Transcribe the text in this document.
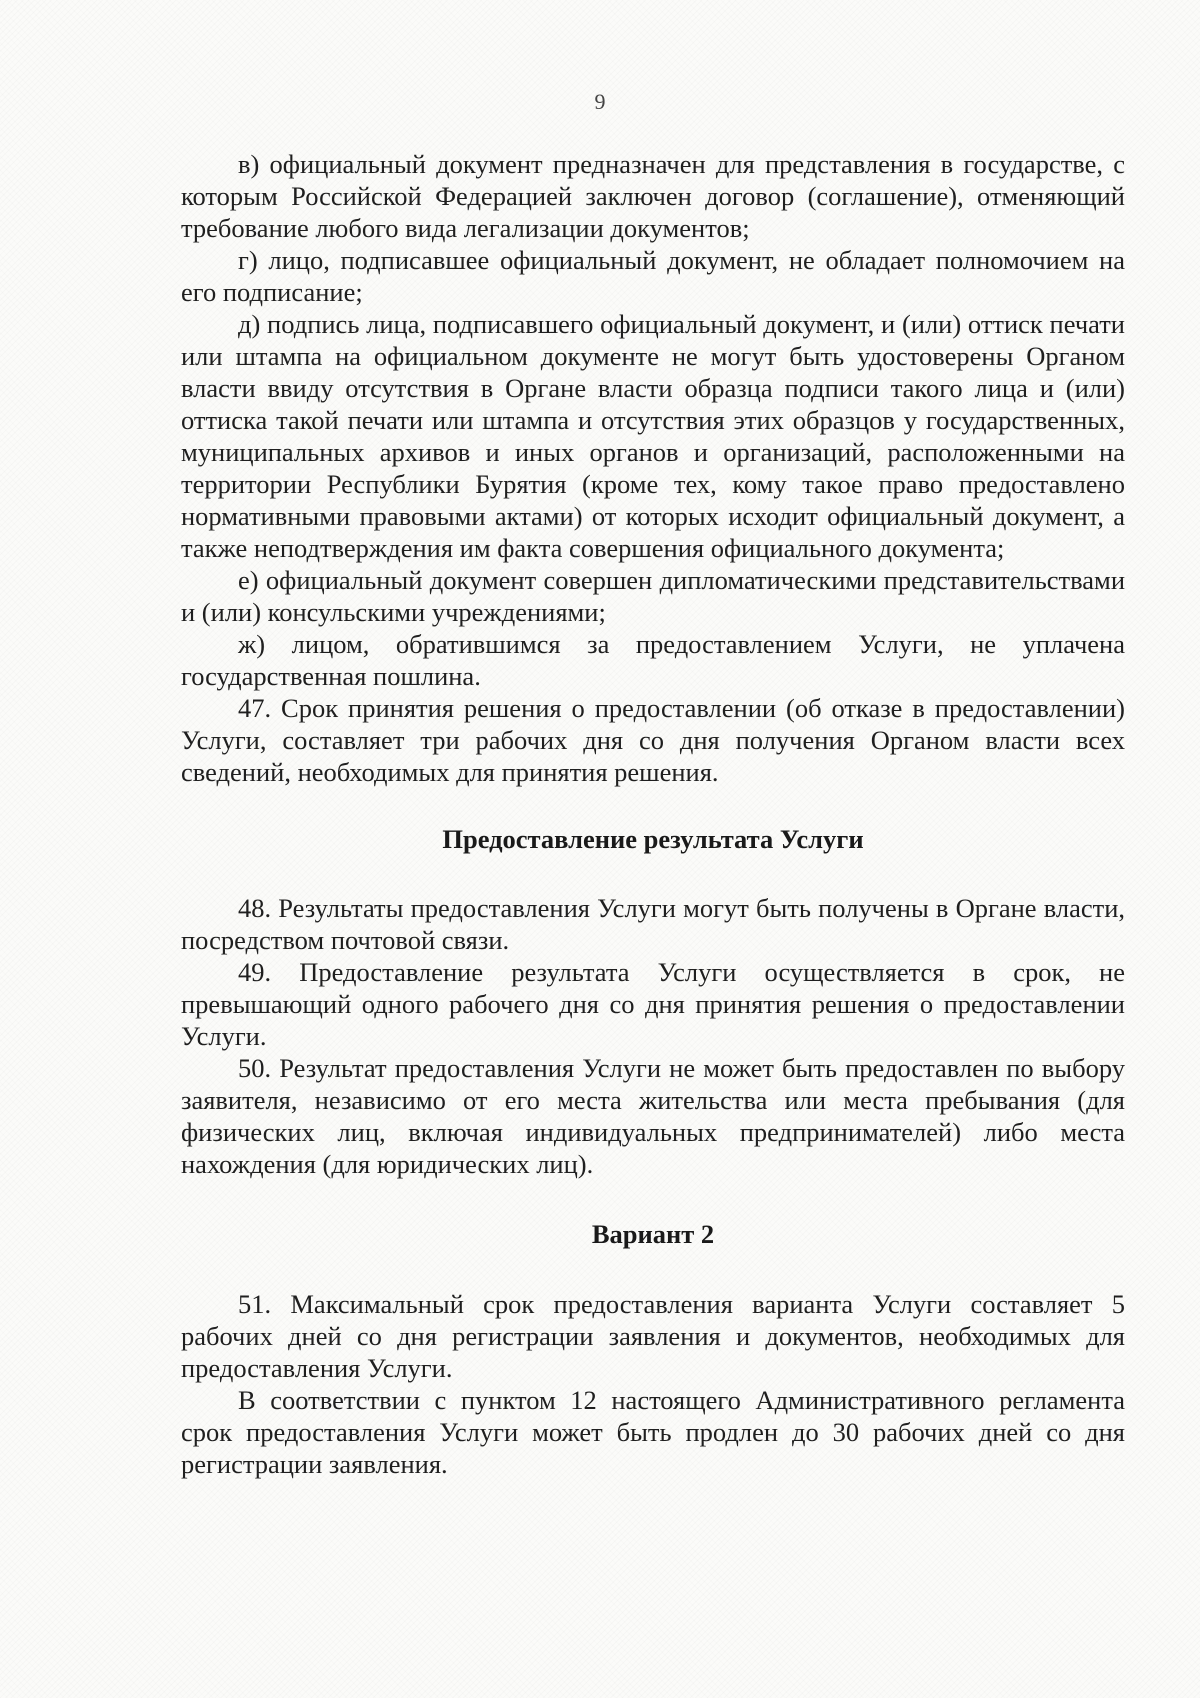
9

в) официальный документ предназначен для представления в государстве, с которым Российской Федерацией заключен договор (соглашение), отменяющий требование любого вида легализации документов;

г) лицо, подписавшее официальный документ, не обладает полномочием на его подписание;

д) подпись лица, подписавшего официальный документ, и (или) оттиск печати или штампа на официальном документе не могут быть удостоверены Органом власти ввиду отсутствия в Органе власти образца подписи такого лица и (или) оттиска такой печати или штампа и отсутствия этих образцов у государственных, муниципальных архивов и иных органов и организаций, расположенными на территории Республики Бурятия (кроме тех, кому такое право предоставлено нормативными правовыми актами) от которых исходит официальный документ, а также неподтверждения им факта совершения официального документа;

е) официальный документ совершен дипломатическими представительствами и (или) консульскими учреждениями;

ж) лицом, обратившимся за предоставлением Услуги, не уплачена государственная пошлина.

47. Срок принятия решения о предоставлении (об отказе в предоставлении) Услуги, составляет три рабочих дня со дня получения Органом власти всех сведений, необходимых для принятия решения.

Предоставление результата Услуги

48. Результаты предоставления Услуги могут быть получены в Органе власти, посредством почтовой связи.

49. Предоставление результата Услуги осуществляется в срок, не превышающий одного рабочего дня со дня принятия решения о предоставлении Услуги.

50. Результат предоставления Услуги не может быть предоставлен по выбору заявителя, независимо от его места жительства или места пребывания (для физических лиц, включая индивидуальных предпринимателей) либо места нахождения (для юридических лиц).

Вариант 2

51. Максимальный срок предоставления варианта Услуги составляет 5 рабочих дней со дня регистрации заявления и документов, необходимых для предоставления Услуги.

В соответствии с пунктом 12 настоящего Административного регламента срок предоставления Услуги может быть продлен до 30 рабочих дней со дня регистрации заявления.
